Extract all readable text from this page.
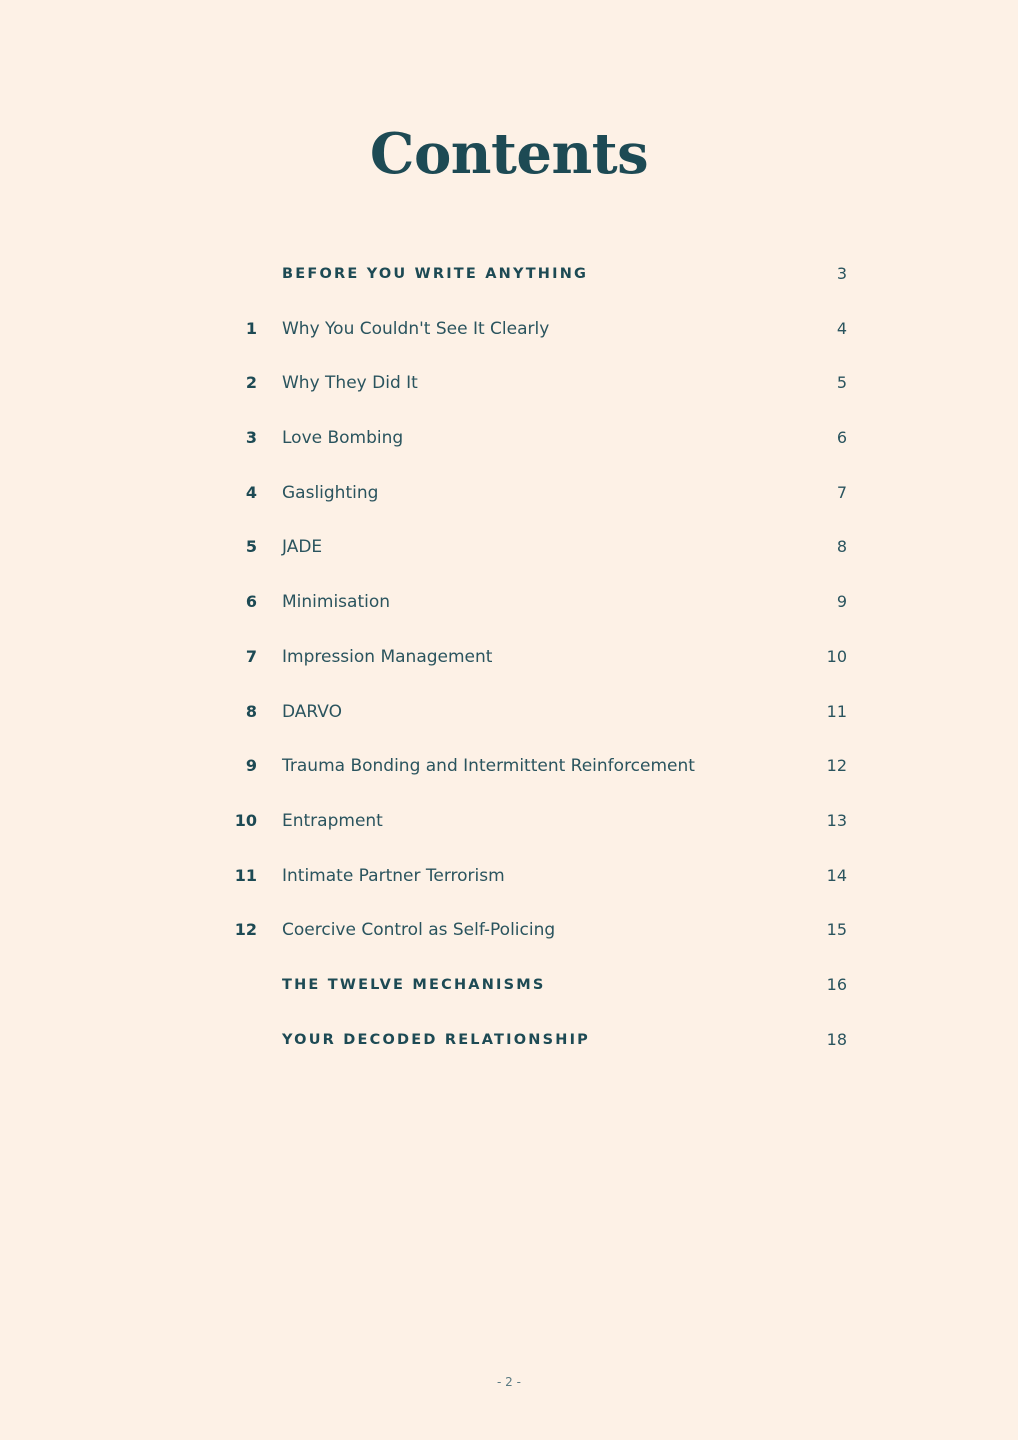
Contents
BEFORE YOU WRITE ANYTHING	3
1 Why You Couldn't See It Clearly	4
2 Why They Did It	5
3 Love Bombing	6
4 Gaslighting	7
5 JADE	8
6 Minimisation	9
7 Impression Management	10
8 DARVO	11
9 Trauma Bonding and Intermittent Reinforcement	12
10 Entrapment	13
11 Intimate Partner Terrorism	14
12 Coercive Control as Self-Policing	15
THE TWELVE MECHANISMS	16
YOUR DECODED RELATIONSHIP	18
- 2 -
